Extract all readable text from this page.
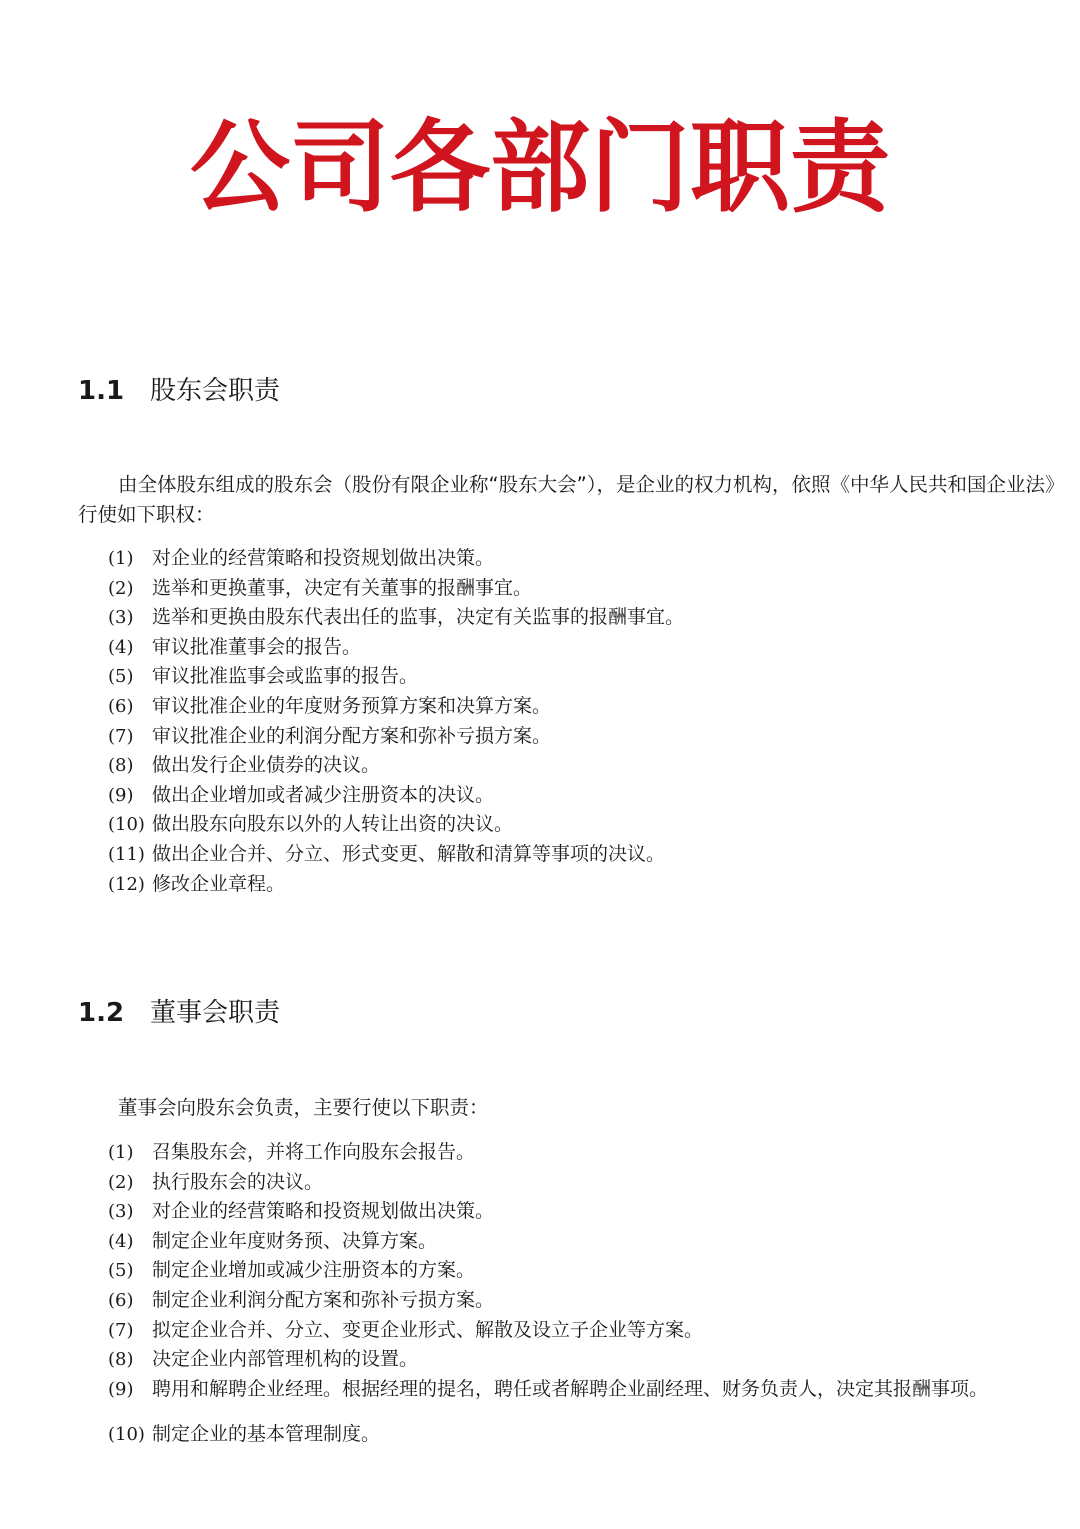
公司各部门职责
1.1 股东会职责

由全体股东组成的股东会（股份有限企业称“股东大会”），是企业的权力机构，依照《中华人民共和国企业法》行使如下职权：

(1) 对企业的经营策略和投资规划做出决策。
(2) 选举和更换董事，决定有关董事的报酬事宜。
(3) 选举和更换由股东代表出任的监事，决定有关监事的报酬事宜。
(4) 审议批准董事会的报告。
(5) 审议批准监事会或监事的报告。
(6) 审议批准企业的年度财务预算方案和决算方案。
(7) 审议批准企业的利润分配方案和弥补亏损方案。
(8) 做出发行企业债券的决议。
(9) 做出企业增加或者减少注册资本的决议。
(10) 做出股东向股东以外的人转让出资的决议。
(11) 做出企业合并、分立、形式变更、解散和清算等事项的决议。
(12) 修改企业章程。
1.2 董事会职责

董事会向股东会负责，主要行使以下职责：

(1) 召集股东会，并将工作向股东会报告。
(2) 执行股东会的决议。
(3) 对企业的经营策略和投资规划做出决策。
(4) 制定企业年度财务预、决算方案。
(5) 制定企业增加或减少注册资本的方案。
(6) 制定企业利润分配方案和弥补亏损方案。
(7) 拟定企业合并、分立、变更企业形式、解散及设立子企业等方案。
(8) 决定企业内部管理机构的设置。
(9) 聘用和解聘企业经理。根据经理的提名，聘任或者解聘企业副经理、财务负责人，决定其报酬事项。
(10) 制定企业的基本管理制度。
